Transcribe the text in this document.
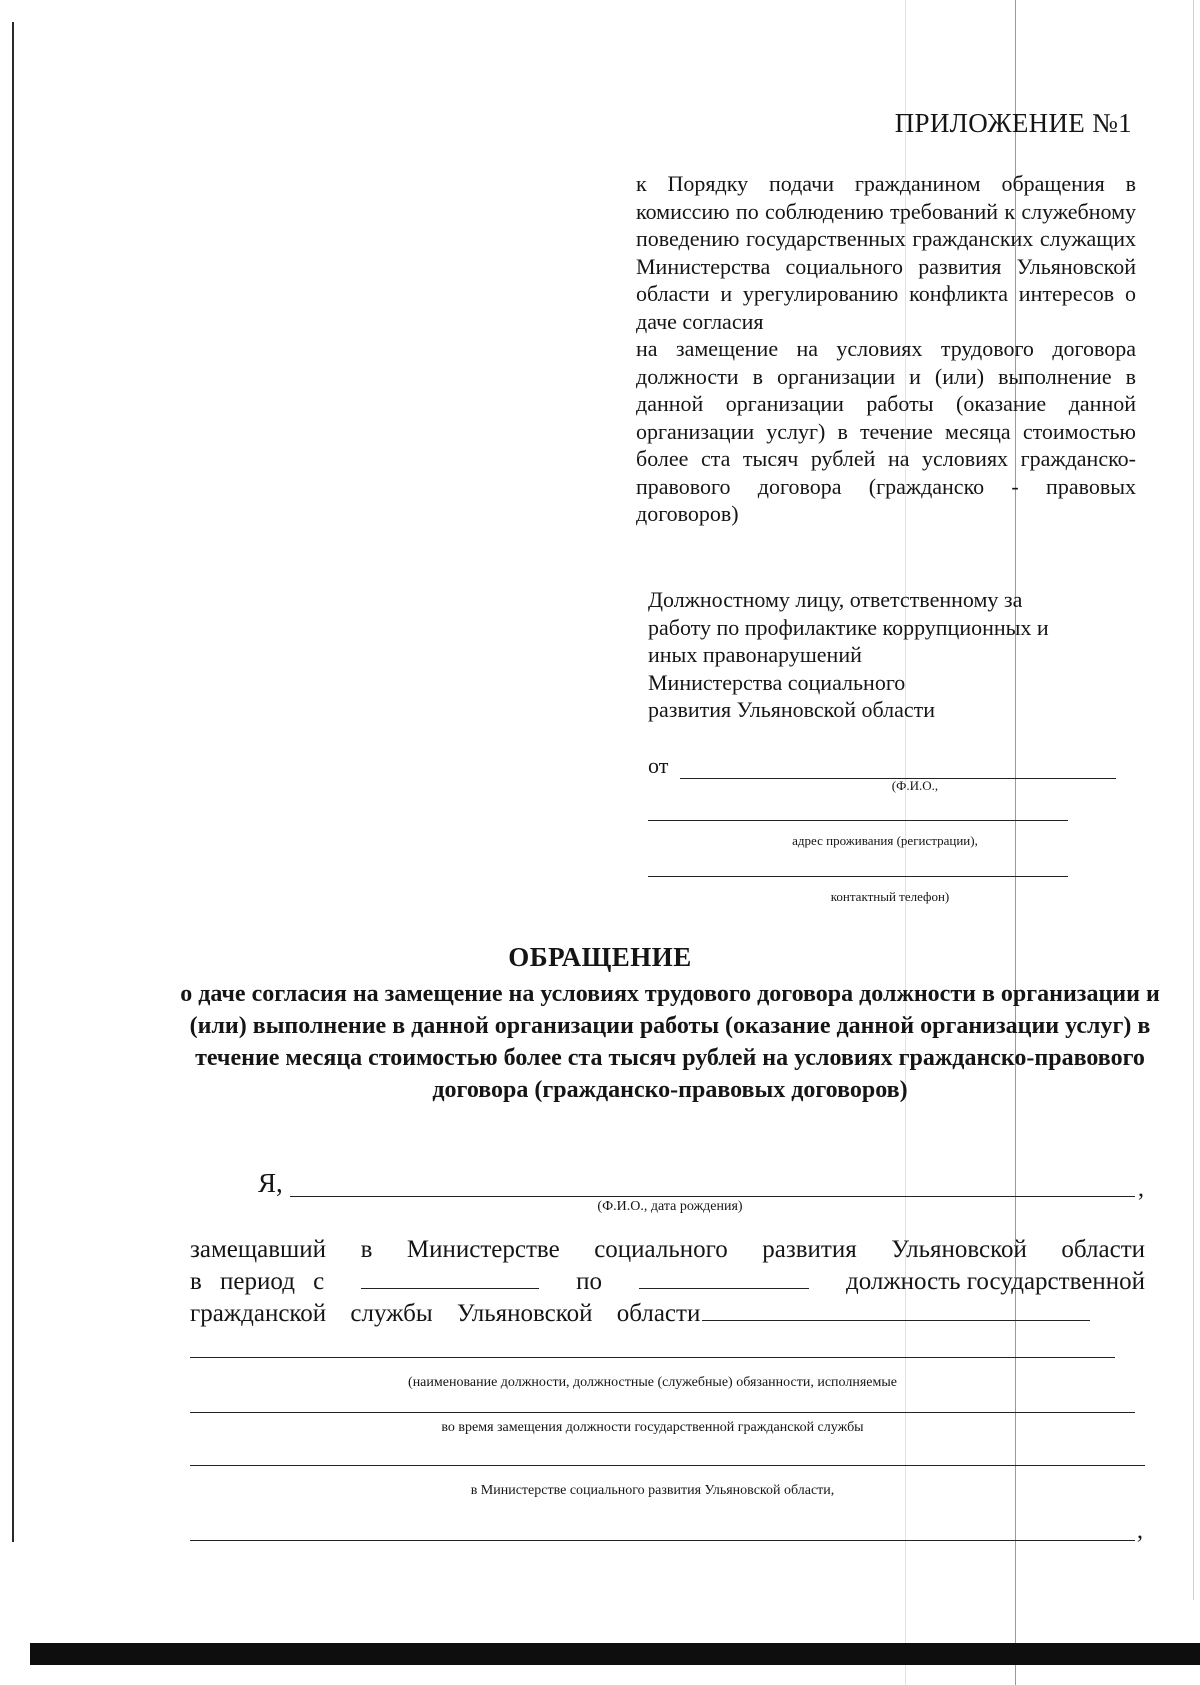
ПРИЛОЖЕНИЕ №1

к Порядку подачи гражданином обращения в комиссию по соблюдению требований к служебному поведению государственных гражданских служащих Министерства социального развития Ульяновской области и урегулированию конфликта интересов о даче согласия

на замещение на условиях трудового договора должности в организации и (или) выполнение в данной организации работы (оказание данной организации услуг) в течение месяца стоимостью более ста тысяч рублей на условиях гражданско-правового договора (гражданско - правовых договоров)

Должностному лицу, ответственному за
работу по профилактике коррупционных и
иных правонарушений
Министерства социального
развития Ульяновской области
от
(Ф.И.О.,
адрес проживания (регистрации),
контактный телефон)
ОБРАЩЕНИЕ
о даче согласия на замещение на условиях трудового договора должности в организации и (или) выполнение в данной организации работы (оказание данной организации услуг) в течение месяца стоимостью более ста тысяч рублей на условиях гражданско-правового договора (гражданско-правовых договоров)
Я,	,
(Ф.И.О., дата рождения)
замещавший в Министерстве социального развития Ульяновской области
в период с	по	должность государственной
гражданской службы Ульяновской области
(наименование должности, должностные (служебные) обязанности, исполняемые
во время замещения должности государственной гражданской службы
в Министерстве социального развития Ульяновской области,
,
